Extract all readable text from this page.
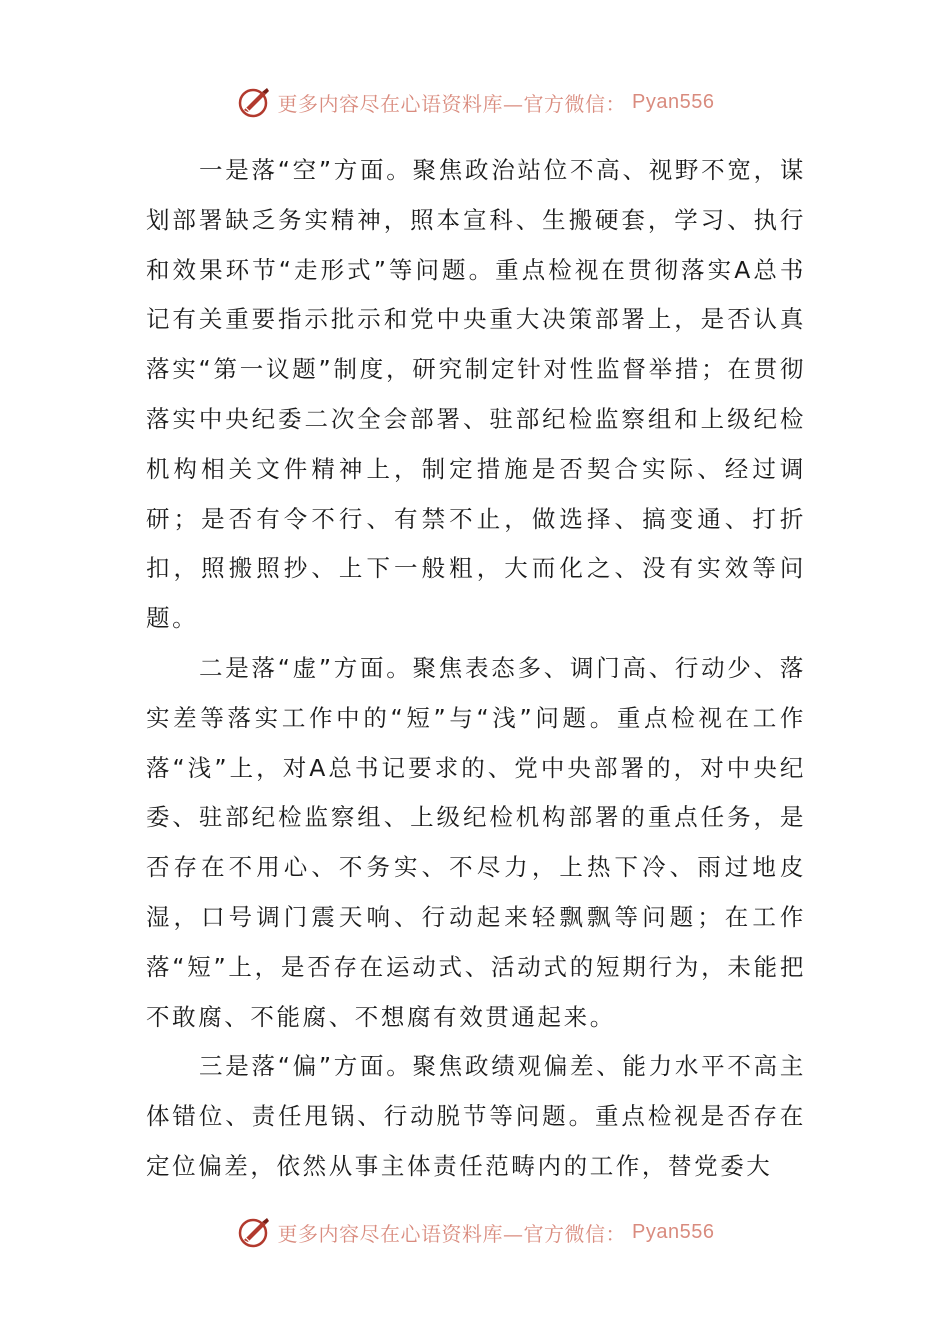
更多内容尽在心语资料库—官方微信： Pyan556

一是落“空”方面。聚焦政治站位不高、视野不宽，谋划部署缺乏务实精神，照本宣科、生搬硬套，学习、执行和效果环节“走形式”等问题。重点检视在贯彻落实A总书记有关重要指示批示和党中央重大决策部署上，是否认真落实“第一议题”制度，研究制定针对性监督举措；在贯彻落实中央纪委二次全会部署、驻部纪检监察组和上级纪检机构相关文件精神上，制定措施是否契合实际、经过调研；是否有令不行、有禁不止，做选择、搞变通、打折扣，照搬照抄、上下一般粗，大而化之、没有实效等问题。

二是落“虚”方面。聚焦表态多、调门高、行动少、落实差等落实工作中的“短”与“浅”问题。重点检视在工作落“浅”上，对A总书记要求的、党中央部署的，对中央纪委、驻部纪检监察组、上级纪检机构部署的重点任务，是否存在不用心、不务实、不尽力，上热下冷、雨过地皮湿，口号调门震天响、行动起来轻飘飘等问题；在工作落“短”上，是否存在运动式、活动式的短期行为，未能把不敢腐、不能腐、不想腐有效贯通起来。

三是落“偏”方面。聚焦政绩观偏差、能力水平不高主体错位、责任甩锅、行动脱节等问题。重点检视是否存在定位偏差，依然从事主体责任范畴内的工作，替党委大

更多内容尽在心语资料库—官方微信： Pyan556
